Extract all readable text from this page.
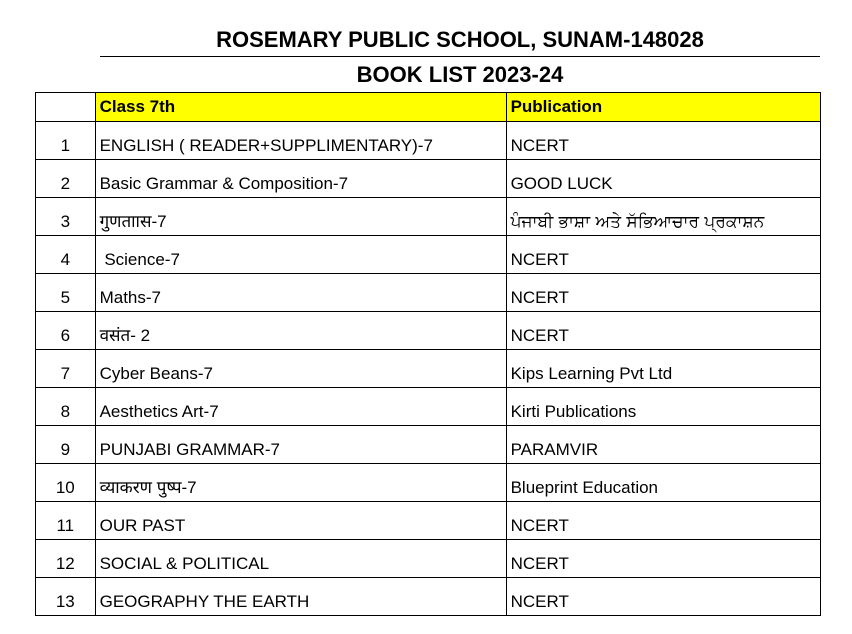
ROSEMARY PUBLIC SCHOOL, SUNAM-148028
BOOK LIST 2023-24
	Class 7th	Publication
1	ENGLISH ( READER+SUPPLIMENTARY)-7	NCERT
2	Basic Grammar & Composition-7	GOOD LUCK
3	गुणताास-7	ਪੰਜਾਬੀ ਭਾਸ਼ਾ ਅਤੇ ਸੱਭਿਆਚਾਰ ਪ੍ਰਕਾਸ਼ਨ
4	Science-7	NCERT
5	Maths-7	NCERT
6	वसंत- 2	NCERT
7	Cyber Beans-7	Kips Learning Pvt Ltd
8	Aesthetics Art-7	Kirti Publications
9	PUNJABI GRAMMAR-7	PARAMVIR
10	व्याकरण पुष्प-7	Blueprint Education
11	OUR PAST	NCERT
12	SOCIAL & POLITICAL	NCERT
13	GEOGRAPHY THE EARTH	NCERT
